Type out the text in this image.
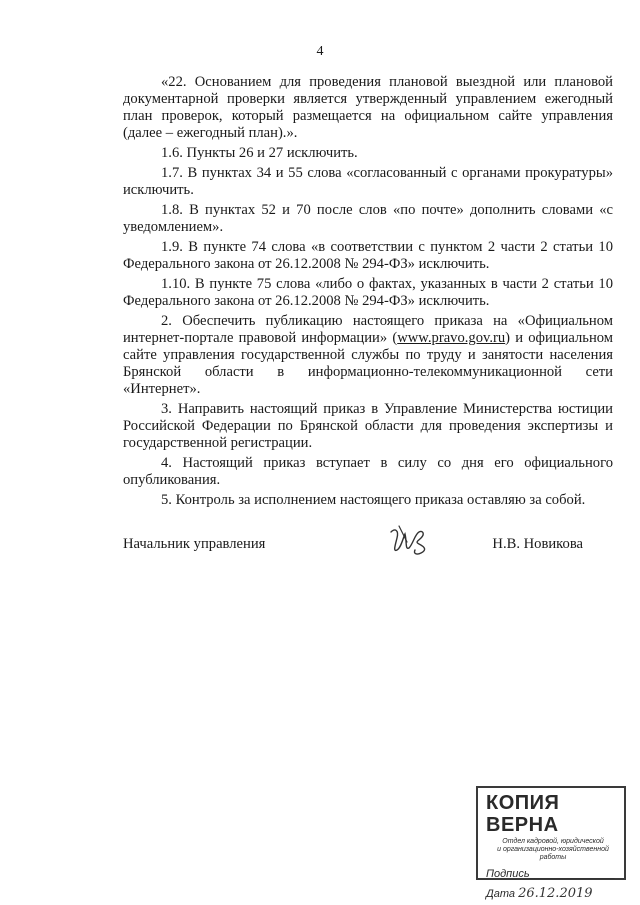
4

«22. Основанием для проведения плановой выездной или плановой документарной проверки является утвержденный управлением ежегодный план проверок, который размещается на официальном сайте управления (далее – ежегодный план).».

1.6. Пункты 26 и 27 исключить.

1.7. В пунктах 34 и 55 слова «согласованный с органами прокуратуры» исключить.

1.8. В пунктах 52 и 70 после слов «по почте» дополнить словами «с уведомлением».

1.9. В пункте 74 слова «в соответствии с пунктом 2 части 2 статьи 10 Федерального закона от 26.12.2008 № 294-ФЗ» исключить.

1.10. В пункте 75 слова «либо о фактах, указанных в части 2 статьи 10 Федерального закона от 26.12.2008 № 294-ФЗ» исключить.

2. Обеспечить публикацию настоящего приказа на «Официальном интернет-портале правовой информации» (www.pravo.gov.ru) и официальном сайте управления государственной службы по труду и занятости населения Брянской области в информационно-телекоммуникационной сети «Интернет».

3. Направить настоящий приказ в Управление Министерства юстиции Российской Федерации по Брянской области для проведения экспертизы и государственной регистрации.

4. Настоящий приказ вступает в силу со дня его официального опубликования.

5. Контроль за исполнением настоящего приказа оставляю за собой.

Начальник управления	Н.В. Новикова
КОПИЯ ВЕРНА
Отдел кадровой, юридической
и организационно-хозяйственной работы
Подпись______________
Дата 26.12.2019
